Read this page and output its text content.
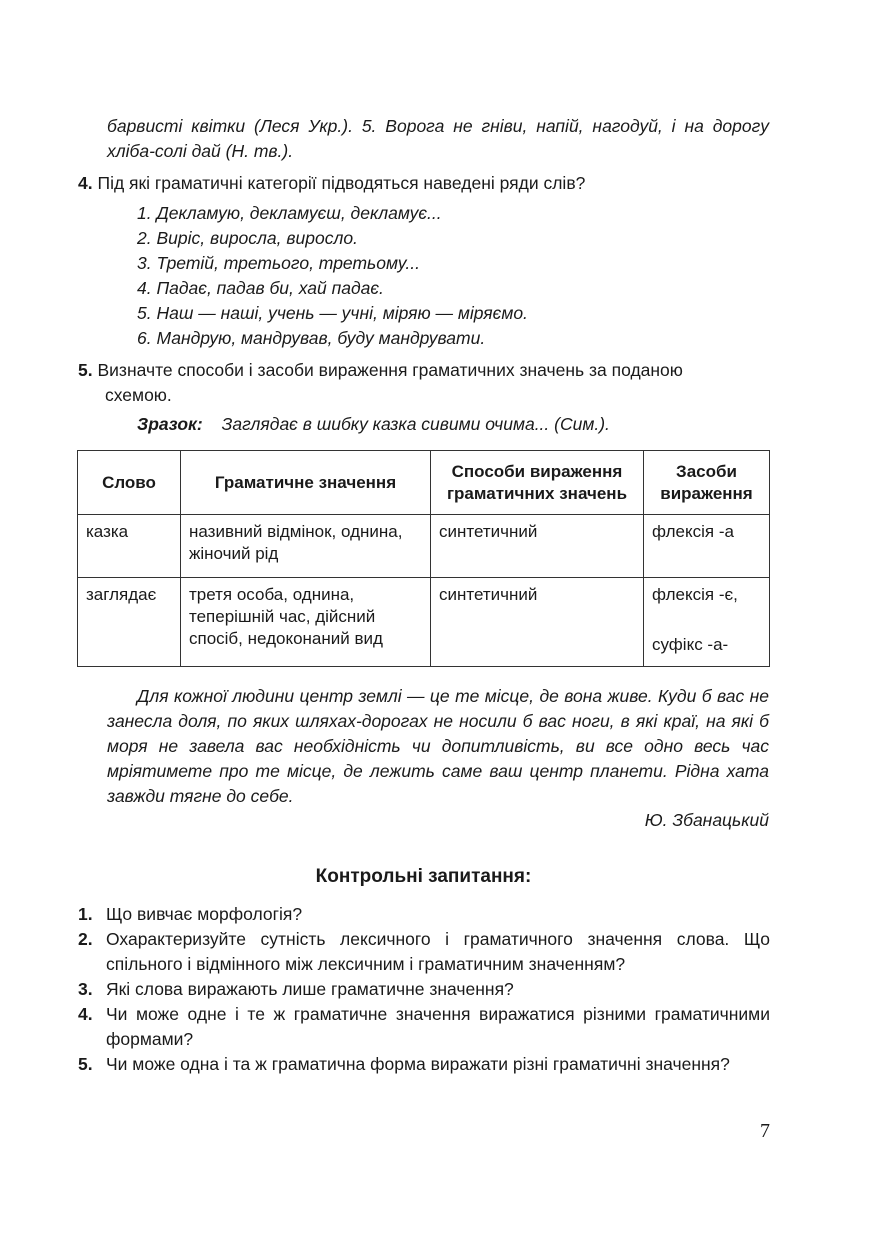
барвисті квітки (Леся Укр.). 5. Ворога не гніви, напій, нагодуй, і на дорогу хліба-солі дай (Н. тв.).
4. Під які граматичні категорії підводяться наведені ряди слів?
1. Декламую, декламуєш, декламує...
2. Виріс, виросла, виросло.
3. Третій, третього, третьому...
4. Падає, падав би, хай падає.
5. Наш — наші, учень — учні, міряю — міряємо.
6. Мандрую, мандрував, буду мандрувати.
5. Визначте способи і засоби вираження граматичних значень за поданою
схемою.
Зразок: Заглядає в шибку казка сивими очима... (Сим.).
Слово	Граматичне значення	Способи вираження граматичних значень	Засоби вираження
казка	називний відмінок, однина, жіночий рід	синтетичний	флексія -а
заглядає	третя особа, однина, теперішній час, дійсний спосіб, недоконаний вид	синтетичний	флексія -є,
суфікс -а-
Для кожної людини центр землі — це те місце, де вона живе. Куди б вас не занесла доля, по яких шляхах-дорогах не носили б вас ноги, в які краї, на які б моря не завела вас необхідність чи допитливість, ви все одно весь час мріятимете про те місце, де лежить саме ваш центр планети. Рідна хата завжди тягне до себе.
Ю. Збанацький
Контрольні запитання:
1. Що вивчає морфологія?
2. Охарактеризуйте сутність лексичного і граматичного значення слова. Що спільного і відмінного між лексичним і граматичним значенням?
3. Які слова виражають лише граматичне значення?
4. Чи може одне і те ж граматичне значення виражатися різними граматичними формами?
5. Чи може одна і та ж граматична форма виражати різні граматичні значення?
7
